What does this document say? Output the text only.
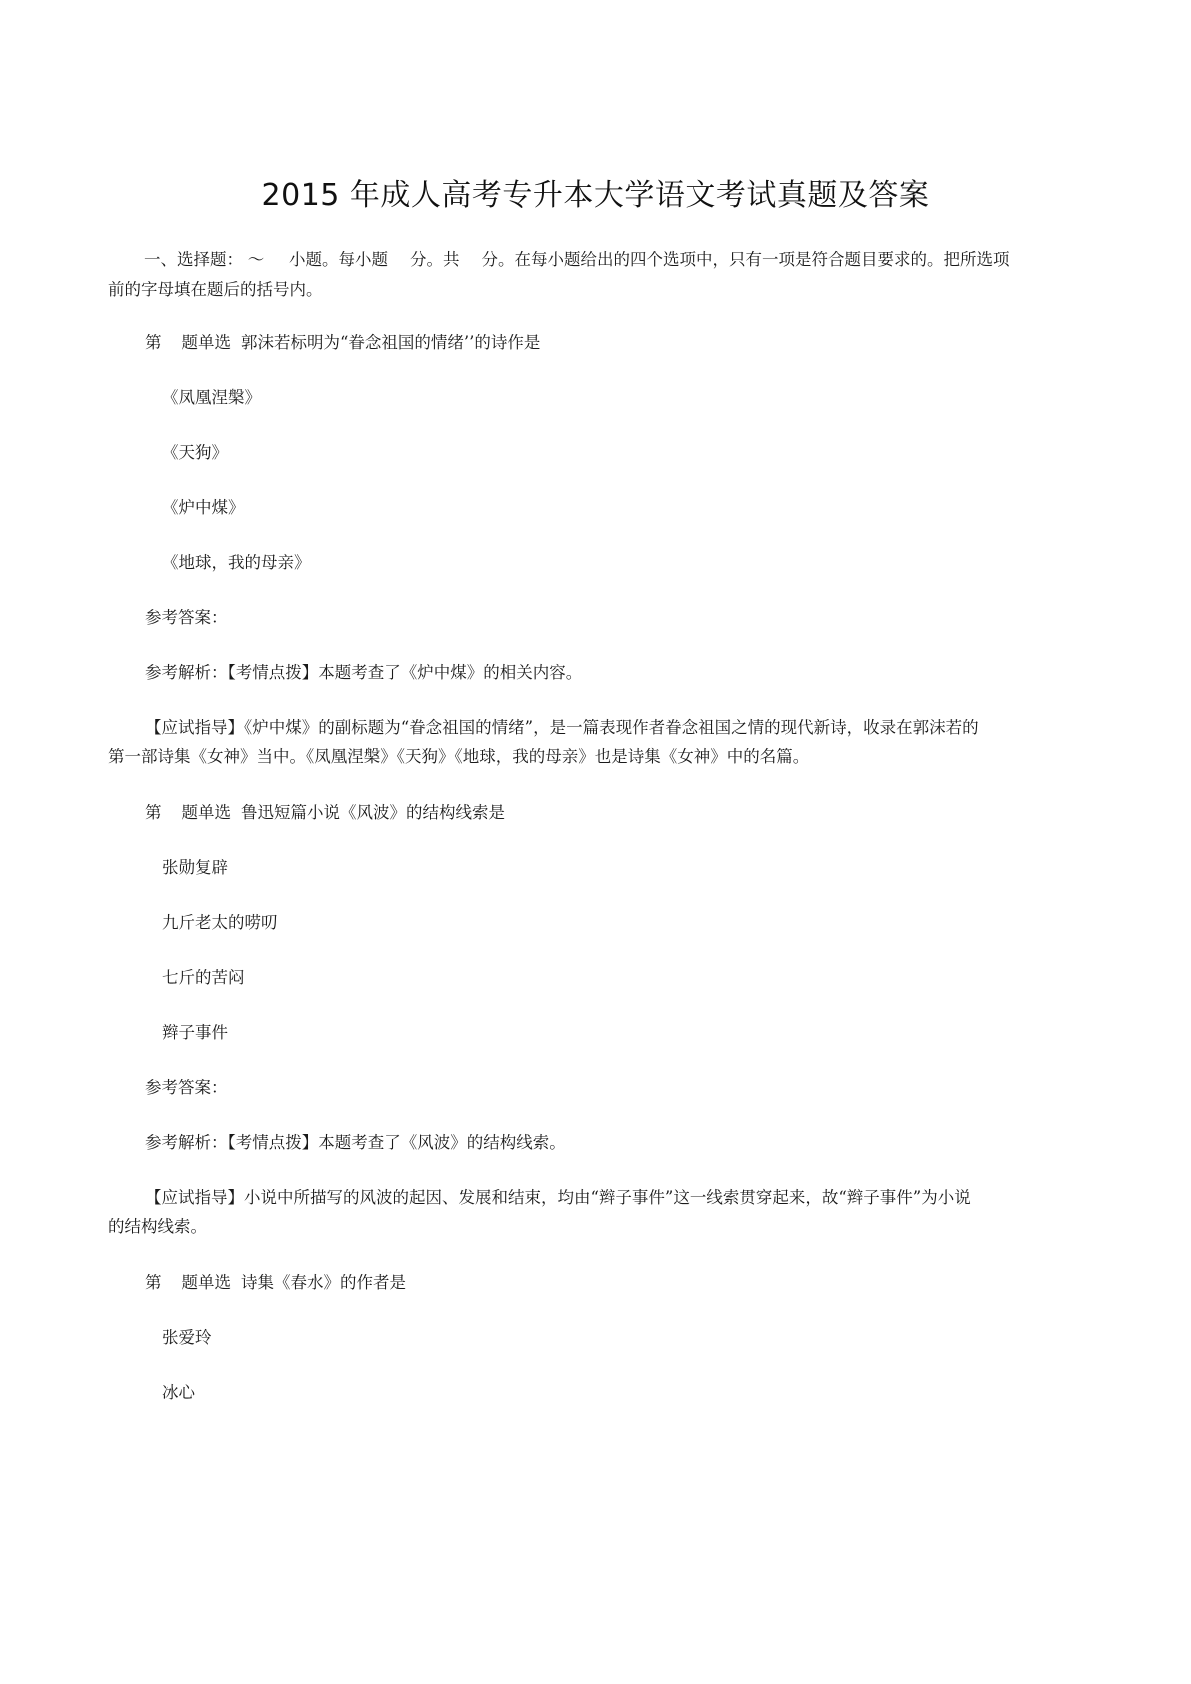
2015 年成人高考专升本大学语文考试真题及答案

一、选择题： ～ 小题。每小题 分。共 分。在每小题给出的四个选项中，只有一项是符合题目要求的。把所选项

前的字母填在题后的括号内。

第 题单选 郭沫若标明为“眷念祖国的情绪’’的诗作是

《凤凰涅槃》

《天狗》

《炉中煤》

《地球，我的母亲》

参考答案：

参考解析：【考情点拨】本题考查了《炉中煤》的相关内容。

【应试指导】《炉中煤》的副标题为“眷念祖国的情绪”，是一篇表现作者眷念祖国之情的现代新诗，收录在郭沫若的

第一部诗集《女神》当中。《凤凰涅槃》《天狗》《地球，我的母亲》也是诗集《女神》中的名篇。

第 题单选 鲁迅短篇小说《风波》的结构线索是

张勋复辟

九斤老太的唠叨

七斤的苦闷

辫子事件

参考答案：

参考解析：【考情点拨】本题考查了《风波》的结构线索。

【应试指导】小说中所描写的风波的起因、发展和结束，均由“辫子事件”这一线索贯穿起来，故“辫子事件”为小说

的结构线索。

第 题单选 诗集《春水》的作者是

张爱玲

冰心
